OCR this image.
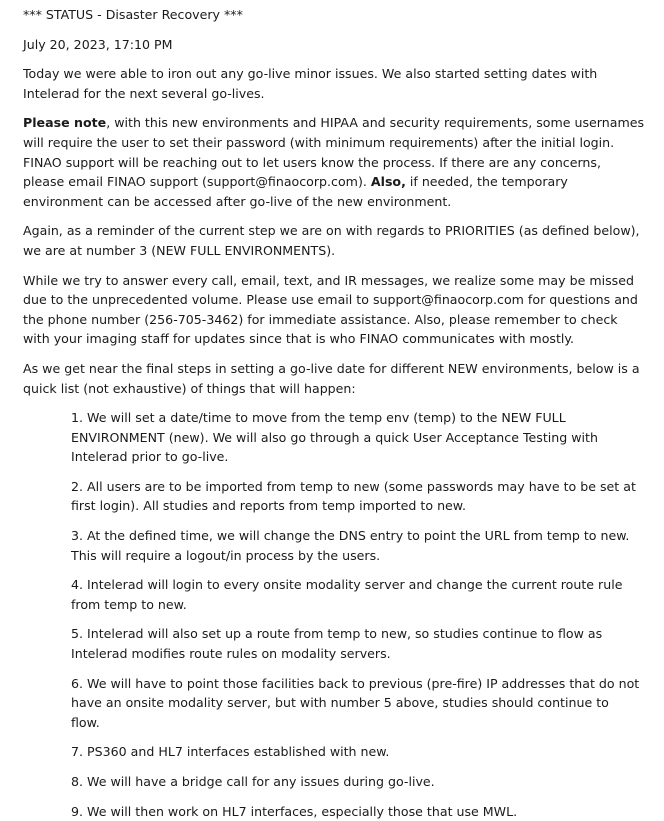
*** STATUS - Disaster Recovery ***
July 20, 2023, 17:10 PM
Today we were able to iron out any go-live minor issues. We also started setting dates with Intelerad for the next several go-lives.
Please note, with this new environments and HIPAA and security requirements, some usernames will require the user to set their password (with minimum requirements) after the initial login. FINAO support will be reaching out to let users know the process. If there are any concerns, please email FINAO support (support@finaocorp.com). Also, if needed, the temporary environment can be accessed after go-live of the new environment.
Again, as a reminder of the current step we are on with regards to PRIORITIES (as defined below), we are at number 3 (NEW FULL ENVIRONMENTS).
While we try to answer every call, email, text, and IR messages, we realize some may be missed due to the unprecedented volume. Please use email to support@finaocorp.com for questions and the phone number (256-705-3462) for immediate assistance. Also, please remember to check with your imaging staff for updates since that is who FINAO communicates with mostly.
As we get near the final steps in setting a go-live date for different NEW environments, below is a quick list (not exhaustive) of things that will happen:
1. We will set a date/time to move from the temp env (temp) to the NEW FULL ENVIRONMENT (new). We will also go through a quick User Acceptance Testing with Intelerad prior to go-live.
2. All users are to be imported from temp to new (some passwords may have to be set at first login). All studies and reports from temp imported to new.
3. At the defined time, we will change the DNS entry to point the URL from temp to new. This will require a logout/in process by the users.
4. Intelerad will login to every onsite modality server and change the current route rule from temp to new.
5. Intelerad will also set up a route from temp to new, so studies continue to flow as Intelerad modifies route rules on modality servers.
6. We will have to point those facilities back to previous (pre-fire) IP addresses that do not have an onsite modality server, but with number 5 above, studies should continue to flow.
7. PS360 and HL7 interfaces established with new.
8. We will have a bridge call for any issues during go-live.
9. We will then work on HL7 interfaces, especially those that use MWL.
